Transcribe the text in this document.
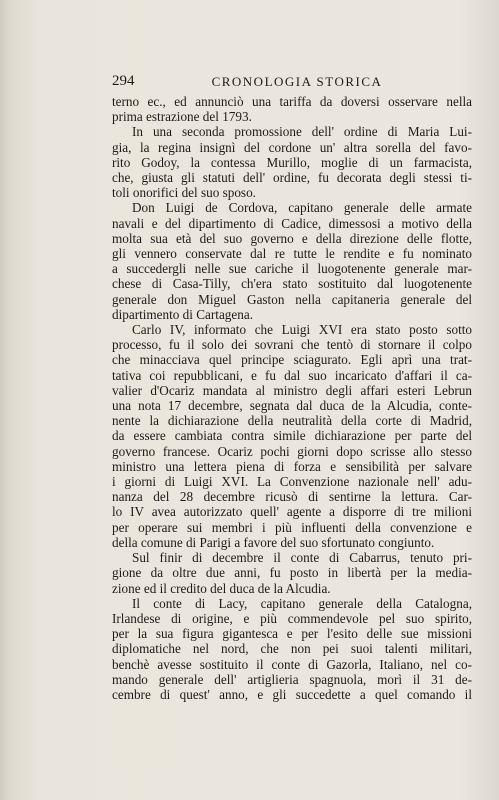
294	CRONOLOGIA STORICA
terno ec., ed annunciò una tariffa da doversi osservare nella
prima estrazione del 1793.
In una seconda promossione dell' ordine di Maria Lui-
gia, la regina insignì del cordone un' altra sorella del favo-
rito Godoy, la contessa Murillo, moglie di un farmacista,
che, giusta gli statuti dell' ordine, fu decorata degli stessi ti-
toli onorifici del suo sposo.
Don Luigi de Cordova, capitano generale delle armate
navali e del dipartimento di Cadice, dimessosi a motivo della
molta sua età del suo governo e della direzione delle flotte,
gli vennero conservate dal re tutte le rendite e fu nominato
a succedergli nelle sue cariche il luogotenente generale mar-
chese di Casa-Tilly, ch'era stato sostituito dal luogotenente
generale don Miguel Gaston nella capitaneria generale del
dipartimento di Cartagena.
Carlo IV, informato che Luigi XVI era stato posto sotto
processo, fu il solo dei sovrani che tentò di stornare il colpo
che minacciava quel principe sciagurato. Egli aprì una trat-
tativa coi repubblicani, e fu dal suo incaricato d'affari il ca-
valier d'Ocariz mandata al ministro degli affari esteri Lebrun
una nota 17 decembre, segnata dal duca de la Alcudia, conte-
nente la dichiarazione della neutralità della corte di Madrid,
da essere cambiata contra simile dichiarazione per parte del
governo francese. Ocariz pochi giorni dopo scrisse allo stesso
ministro una lettera piena di forza e sensibilità per salvare
i giorni di Luigi XVI. La Convenzione nazionale nell' adu-
nanza del 28 decembre ricusò di sentirne la lettura. Car-
lo IV avea autorizzato quell' agente a disporre di tre milioni
per operare sui membri i più influenti della convenzione e
della comune di Parigi a favore del suo sfortunato congiunto.
Sul finir di decembre il conte di Cabarrus, tenuto pri-
gione da oltre due anni, fu posto in libertà per la media-
zione ed il credito del duca de la Alcudia.
Il conte di Lacy, capitano generale della Catalogna,
Irlandese di origine, e più commendevole pel suo spirito,
per la sua figura gigantesca e per l'esito delle sue missioni
diplomatiche nel nord, che non pei suoi talenti militari,
benchè avesse sostituito il conte di Gazorla, Italiano, nel co-
mando generale dell' artiglieria spagnuola, morì il 31 de-
cembre di quest' anno, e gli succedette a quel comando il
